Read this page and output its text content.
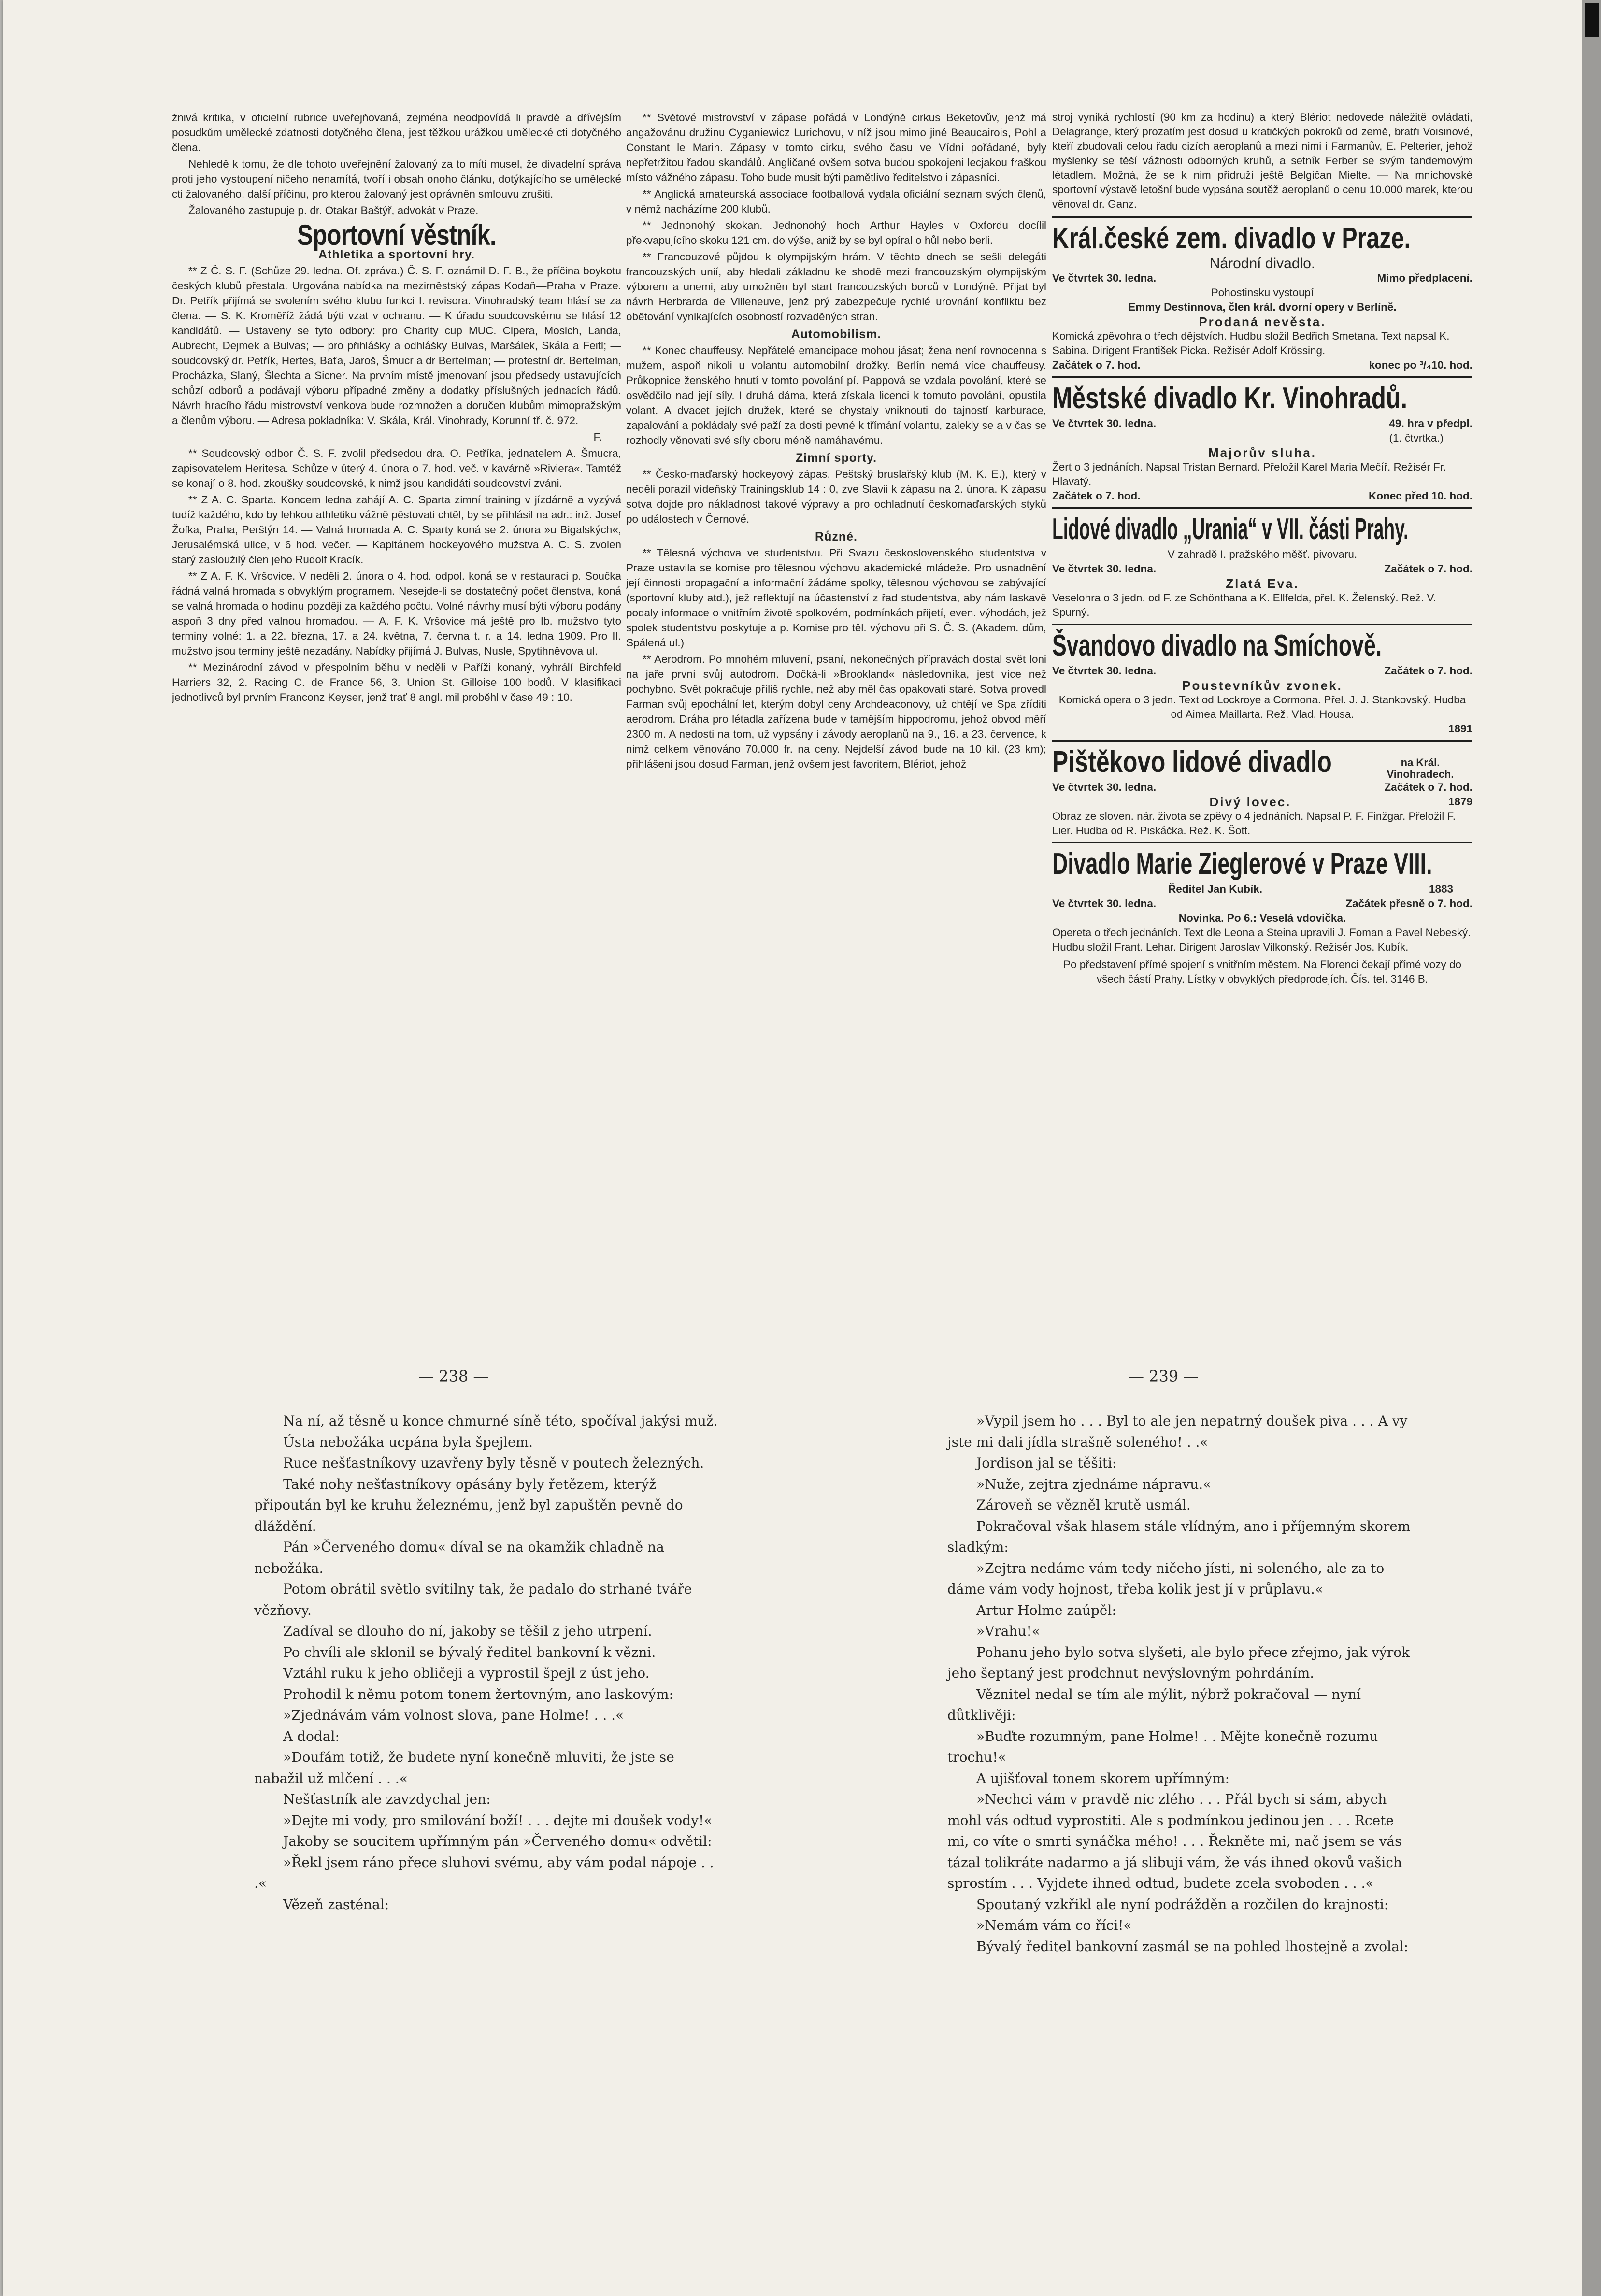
žnivá kritika, v oficielní rubrice uveřejňovaná, zejména neodpovídá li pravdě a dřívějším posudkům umělecké zdatnosti dotyčného člena, jest těžkou urážkou umělecké cti dotyčného člena.

Nehledě k tomu, že dle tohoto uveřejnění žalovaný za to míti musel, že divadelní správa proti jeho vystoupení ničeho nenamítá, tvoří i obsah onoho článku, dotýkajícího se umělecké cti žalovaného, další příčinu, pro kterou žalovaný jest oprávněn smlouvu zrušiti.

Žalovaného zastupuje p. dr. Otakar Baštýř, advokát v Praze.

Sportovní věstník.
Athletika a sportovní hry.

** Z Č. S. F. (Schůze 29. ledna. Of. zpráva.) Č. S. F. oznámil D. F. B., že příčina boykotu českých klubů přestala. Urgována nabídka na mezirněstský zápas Kodaň—Praha v Praze. Dr. Petřík přijímá se svolením svého klubu funkci I. revisora. Vinohradský team hlásí se za člena. — S. K. Kroměříž žádá býti vzat v ochranu. — K úřadu soudcovskému se hlásí 12 kandidátů. — Ustaveny se tyto odbory: pro Charity cup MUC. Cipera, Mosich, Landa, Aubrecht, Dejmek a Bulvas; — pro přihlášky a odhlášky Bulvas, Maršálek, Skála a Feitl; — soudcovský dr. Petřík, Hertes, Baťa, Jaroš, Šmucr a dr Bertelman; — protestní dr. Bertelman, Procházka, Slaný, Šlechta a Sicner. Na prvním místě jmenovaní jsou předsedy ustavujících schůzí odborů a podávají výboru případné změny a dodatky příslušných jednacích řádů. Návrh hracího řádu mistrovství venkova bude rozmnožen a doručen klubům mimopražským a členům výboru. — Adresa pokladníka: V. Skála, Král. Vinohrady, Korunní tř. č. 972.

F.

** Soudcovský odbor Č. S. F. zvolil předsedou dra. O. Petříka, jednatelem A. Šmucra, zapisovatelem Heritesa. Schůze v úterý 4. února o 7. hod. več. v kavárně »Riviera«. Tamtéž se konají o 8. hod. zkoušky soudcovské, k nimž jsou kandidáti soudcovství zváni.

** Z A. C. Sparta. Koncem ledna zahájí A. C. Sparta zimní training v jízdárně a vyzývá tudíž každého, kdo by lehkou athletiku vážně pěstovati chtěl, by se přihlásil na adr.: inž. Josef Žofka, Praha, Perštýn 14. — Valná hromada A. C. Sparty koná se 2. února »u Bigalských«, Jerusalémská ulice, v 6 hod. večer. — Kapitánem hockeyového mužstva A. C. S. zvolen starý zasloužilý člen jeho Rudolf Kracík.

** Z A. F. K. Vršovice. V neděli 2. února o 4. hod. odpol. koná se v restauraci p. Součka řádná valná hromada s obvyklým programem. Nesejde-li se dostatečný počet členstva, koná se valná hromada o hodinu později za každého počtu. Volné návrhy musí býti výboru podány aspoň 3 dny před valnou hromadou. — A. F. K. Vršovice má ještě pro Ib. mužstvo tyto terminy volné: 1. a 22. března, 17. a 24. května, 7. června t. r. a 14. ledna 1909. Pro II. mužstvo jsou terminy ještě nezadány. Nabídky přijímá J. Bulvas, Nusle, Spytihněvova ul.

** Mezinárodní závod v přespolním běhu v neděli v Paříži konaný, vyhrálí Birchfeld Harriers 32, 2. Racing C. de France 56, 3. Union St. Gilloise 100 bodů. V klasifikaci jednotlivců byl prvním Franconz Keyser, jenž trať 8 angl. mil proběhl v čase 49 : 10.

** Světové mistrovství v zápase pořádá v Londýně cirkus Beketovův, jenž má angažovánu družinu Cyganiewicz Lurichovu, v níž jsou mimo jiné Beaucairois, Pohl a Constant le Marin. Zápasy v tomto cirku, svého času ve Vídni pořádané, byly nepřetržitou řadou skandálů. Angličané ovšem sotva budou spokojeni lecjakou fraškou místo vážného zápasu. Toho bude musit býti pamětlivo ředitelstvo i zápasníci.

** Anglická amateurská associace footballová vydala oficiální seznam svých členů, v němž nacházíme 200 klubů.

** Jednonohý skokan. Jednonohý hoch Arthur Hayles v Oxfordu docílil překvapujícího skoku 121 cm. do výše, aniž by se byl opíral o hůl nebo berli.

** Francouzové půjdou k olympijským hrám. V těchto dnech se sešli delegáti francouzských unií, aby hledali základnu ke shodě mezi francouzským olympijským výborem a unemi, aby umožněn byl start francouzských borců v Londýně. Přijat byl návrh Herbrarda de Villeneuve, jenž prý zabezpečuje rychlé urovnání konfliktu bez obětování vynikajících osobností rozvaděných stran.

Automobilism.

** Konec chauffeusy. Nepřátelé emancipace mohou jásat; žena není rovnocenna s mužem, aspoň nikoli u volantu automobilní drožky. Berlín nemá více chauffeusy. Průkopnice ženského hnutí v tomto povolání pí. Pappová se vzdala povolání, které se osvědčilo nad její síly. I druhá dáma, která získala licenci k tomuto povolání, opustila volant. A dvacet jejích družek, které se chystaly vniknouti do tajností karburace, zapalování a pokládaly své paží za dosti pevné k třímání volantu, zalekly se a v čas se rozhodly věnovati své síly oboru méně namáhavému.

Zimní sporty.

** Česko-maďarský hockeyový zápas. Peštský bruslařský klub (M. K. E.), který v neděli porazil vídeňský Trainingsklub 14 : 0, zve Slavii k zápasu na 2. února. K zápasu sotva dojde pro nákladnost takové výpravy a pro ochladnutí českomaďarských styků po událostech v Černové.

Různé.

** Tělesná výchova ve studentstvu. Při Svazu československého studentstva v Praze ustavila se komise pro tělesnou výchovu akademické mládeže. Pro usnadnění její činnosti propagační a informační žádáme spolky, tělesnou výchovou se zabývající (sportovní kluby atd.), jež reflektují na účastenství z řad studentstva, aby nám laskavě podaly informace o vnitřním životě spolkovém, podmínkách přijetí, even. výhodách, jež spolek studentstvu poskytuje a p. Komise pro těl. výchovu při S. Č. S. (Akadem. dům, Spálená ul.)

** Aerodrom. Po mnohém mluvení, psaní, nekonečných přípravách dostal svět loni na jaře první svůj autodrom. Dočká-li »Brookland« následovníka, jest více než pochybno. Svět pokračuje příliš rychle, než aby měl čas opakovati staré. Sotva provedl Farman svůj epochální let, kterým dobyl ceny Archdeaconovy, už chtějí ve Spa zříditi aerodrom. Dráha pro létadla zařízena bude v tamějším hippodromu, jehož obvod měří 2300 m. A nedosti na tom, už vypsány i závody aeroplanů na 9., 16. a 23. července, k nimž celkem věnováno 70.000 fr. na ceny. Nejdelší závod bude na 10 kil. (23 km); přihlášeni jsou dosud Farman, jenž ovšem jest favoritem, Blériot, jehož

stroj vyniká rychlostí (90 km za hodinu) a který Blériot nedovede náležitě ovládati, Delagrange, který prozatím jest dosud u kratičkých pokroků od země, bratři Voisinové, kteří zbudovali celou řadu cizích aeroplanů a mezi nimi i Farmanův, E. Pelterier, jehož myšlenky se těší vážnosti odborných kruhů, a setník Ferber se svým tandemovým létadlem. Možná, že se k nim přidruží ještě Belgičan Mielte. — Na mnichovské sportovní výstavě letošní bude vypsána soutěž aeroplanů o cenu 10.000 marek, kterou věnoval dr. Ganz.

Král.české zem. divadlo v Praze.
Národní divadlo.
Ve čtvrtek 30. ledna.	Mimo předplacení.
Pohostinsku vystoupí
Emmy Destinnova, člen král. dvorní opery v Berlíně.
Prodaná nevěsta.
Komická zpěvohra o třech dějstvích. Hudbu složil Bedřich Smetana. Text napsal K. Sabina. Dirigent František Picka. Režisér Adolf Krössing.
Začátek o 7. hod.	konec po ³/₄10. hod.
Městské divadlo Kr. Vinohradů.
Ve čtvrtek 30. ledna.	49. hra v předpl.
(1. čtvrtka.)
Majorův sluha.
Žert o 3 jednáních. Napsal Tristan Bernard. Přeložil Karel Maria Mečíř. Režisér Fr. Hlavatý.
Začátek o 7. hod.	Konec před 10. hod.
Lidové divadlo „Urania“ v VII. části Prahy.
V zahradě I. pražského měšť. pivovaru.
Ve čtvrtek 30. ledna.	Začátek o 7. hod.
Zlatá Eva.
Veselohra o 3 jedn. od F. ze Schönthana a K. Ellfelda, přel. K. Želenský. Rež. V. Spurný.
Švandovo divadlo na Smíchově.
Ve čtvrtek 30. ledna.	Začátek o 7. hod.
Poustevníkův zvonek.
Komická opera o 3 jedn. Text od Lockroye a Cormona. Přel. J. J. Stankovský. Hudba od Aimea Maillarta. Rež. Vlad. Housa.
1891
Pištěkovo lidové divadlo	na Král. Vinohradech.
Ve čtvrtek 30. ledna.	Začátek o 7. hod.
Divý lovec.	1879
Obraz ze sloven. nár. života se zpěvy o 4 jednáních. Napsal P. F. Finžgar. Přeložil F. Lier. Hudba od R. Piskáčka. Rež. K. Šott.
Divadlo Marie Zieglerové v Praze VIII.
Ředitel Jan Kubík.	1883
Ve čtvrtek 30. ledna.	Začátek přesně o 7. hod.
Novinka. Po 6.: Veselá vdovička.
Opereta o třech jednáních. Text dle Leona a Steina upravili J. Foman a Pavel Nebeský. Hudbu složil Frant. Lehar. Dirigent Jaroslav Vilkonský. Režisér Jos. Kubík.
Po představení přímé spojení s vnitřním městem. Na Florenci čekají přímé vozy do všech částí Prahy. Lístky v obvyklých předprodejích. Čís. tel. 3146 B.
— 238 —	— 239 —

Na ní, až těsně u konce chmurné síně této, spočíval jakýsi muž.

Ústa nebožáka ucpána byla špejlem.

Ruce nešťastníkovy uzavřeny byly těsně v poutech železných.

Také nohy nešťastníkovy opásány byly řetězem, kterýž připoután byl ke kruhu železnému, jenž byl zapuštěn pevně do dláždění.

Pán »Červeného domu« díval se na okamžik chladně na nebožáka.

Potom obrátil světlo svítilny tak, že padalo do strhané tváře vězňovy.

Zadíval se dlouho do ní, jakoby se těšil z jeho utrpení.

Po chvíli ale sklonil se bývalý ředitel bankovní k vězni.

Vztáhl ruku k jeho obličeji a vyprostil špejl z úst jeho.

Prohodil k němu potom tonem žertovným, ano laskovým:

»Zjednávám vám volnost slova, pane Holme! . . .«

A dodal:

»Doufám totiž, že budete nyní konečně mluviti, že jste se nabažil už mlčení . . .«

Nešťastník ale zavzdychal jen:

»Dejte mi vody, pro smilování boží! . . . dejte mi doušek vody!«

Jakoby se soucitem upřímným pán »Červeného domu« odvětil:

»Řekl jsem ráno přece sluhovi svému, aby vám podal nápoje . . .«

Vězeň zasténal:

»Vypil jsem ho . . . Byl to ale jen nepatrný doušek piva . . . A vy jste mi dali jídla strašně soleného! . .«

Jordison jal se těšiti:

»Nuže, zejtra zjednáme nápravu.«

Zároveň se vězněl krutě usmál.

Pokračoval však hlasem stále vlídným, ano i příjemným skorem sladkým:

»Zejtra nedáme vám tedy ničeho jísti, ni soleného, ale za to dáme vám vody hojnost, třeba kolik jest jí v průplavu.«

Artur Holme zaúpěl:

»Vrahu!«

Pohanu jeho bylo sotva slyšeti, ale bylo přece zřejmo, jak výrok jeho šeptaný jest prodchnut nevýslovným pohrdáním.

Věznitel nedal se tím ale mýlit, nýbrž pokračoval — nyní důtklivěji:

»Buďte rozumným, pane Holme! . . Mějte konečně rozumu trochu!«

A ujišťoval tonem skorem upřímným:

»Nechci vám v pravdě nic zlého . . . Přál bych si sám, abych mohl vás odtud vyprostiti. Ale s podmínkou jedinou jen . . . Rcete mi, co víte o smrti synáčka mého! . . . Řekněte mi, nač jsem se vás tázal tolikráte nadarmo a já slibuji vám, že vás ihned okovů vašich sprostím . . . Vyjdete ihned odtud, budete zcela svoboden . . .«

Spoutaný vzkřikl ale nyní podrážděn a rozčilen do krajnosti:

»Nemám vám co říci!«

Bývalý ředitel bankovní zasmál se na pohled lhostejně a zvolal:
